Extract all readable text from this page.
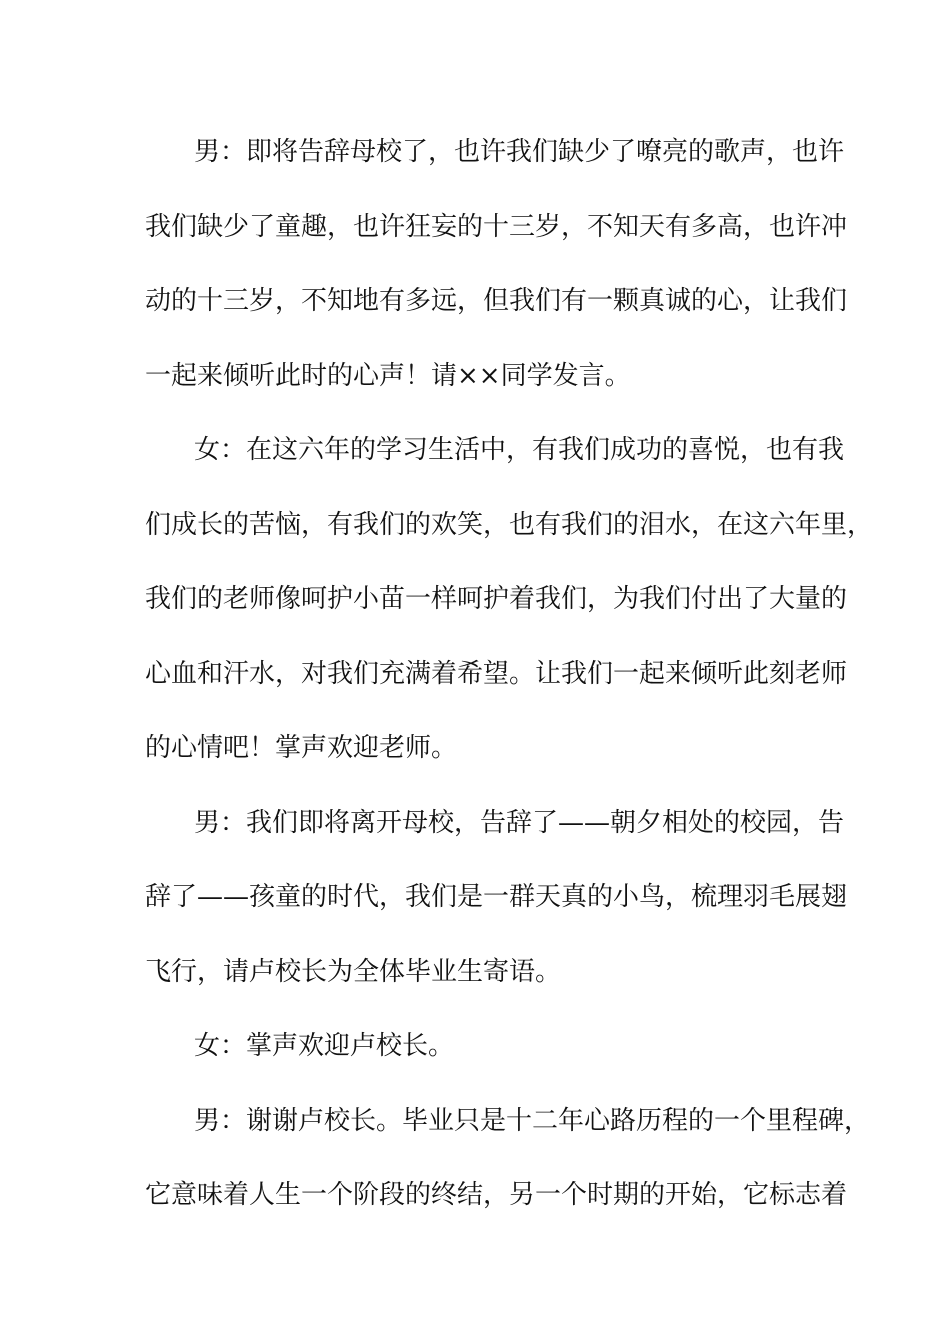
男：即将告辞母校了，也许我们缺少了嘹亮的歌声，也许
我们缺少了童趣，也许狂妄的十三岁，不知天有多高，也许冲
动的十三岁，不知地有多远，但我们有一颗真诚的心，让我们
一起来倾听此时的心声！请××同学发言。
女：在这六年的学习生活中，有我们成功的喜悦，也有我
们成长的苦恼，有我们的欢笑，也有我们的泪水，在这六年里，
我们的老师像呵护小苗一样呵护着我们，为我们付出了大量的
心血和汗水，对我们充满着希望。让我们一起来倾听此刻老师
的心情吧！掌声欢迎老师。
男：我们即将离开母校，告辞了——朝夕相处的校园，告
辞了——孩童的时代，我们是一群天真的小鸟，梳理羽毛展翅
飞行，请卢校长为全体毕业生寄语。
女：掌声欢迎卢校长。
男：谢谢卢校长。毕业只是十二年心路历程的一个里程碑，
它意味着人生一个阶段的终结，另一个时期的开始，它标志着
